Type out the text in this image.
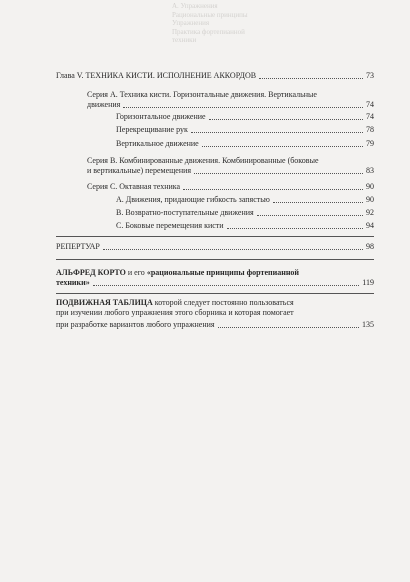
А. Упражнения
Рациональные принципы
Упражнения
Практика фортепианной
техники
Глава V. ТЕХНИКА КИСТИ. ИСПОЛНЕНИЕ АККОРДОВ	73
Серия А. Техника кисти. Горизонтальные движения. Вертикальные
движения	74
Горизонтальное движение	74
Перекрещивание рук	78
Вертикальное движение	79
Серия В. Комбинированные движения. Комбинированные (боковые
и вертикальные) перемещения	83
Серия С. Октавная техника	90
А. Движения, придающие гибкость запястью	90
В. Возвратно-поступательные движения	92
С. Боковые перемещения кисти	94
РЕПЕРТУАР	98
АЛЬФРЕД КОРТО и его «рациональные принципы фортепианной
техники»	119
ПОДВИЖНАЯ ТАБЛИЦА которой следует постоянно пользоваться
при изучении любого упражнения этого сборника и которая помогает
при разработке вариантов любого упражнения	135
